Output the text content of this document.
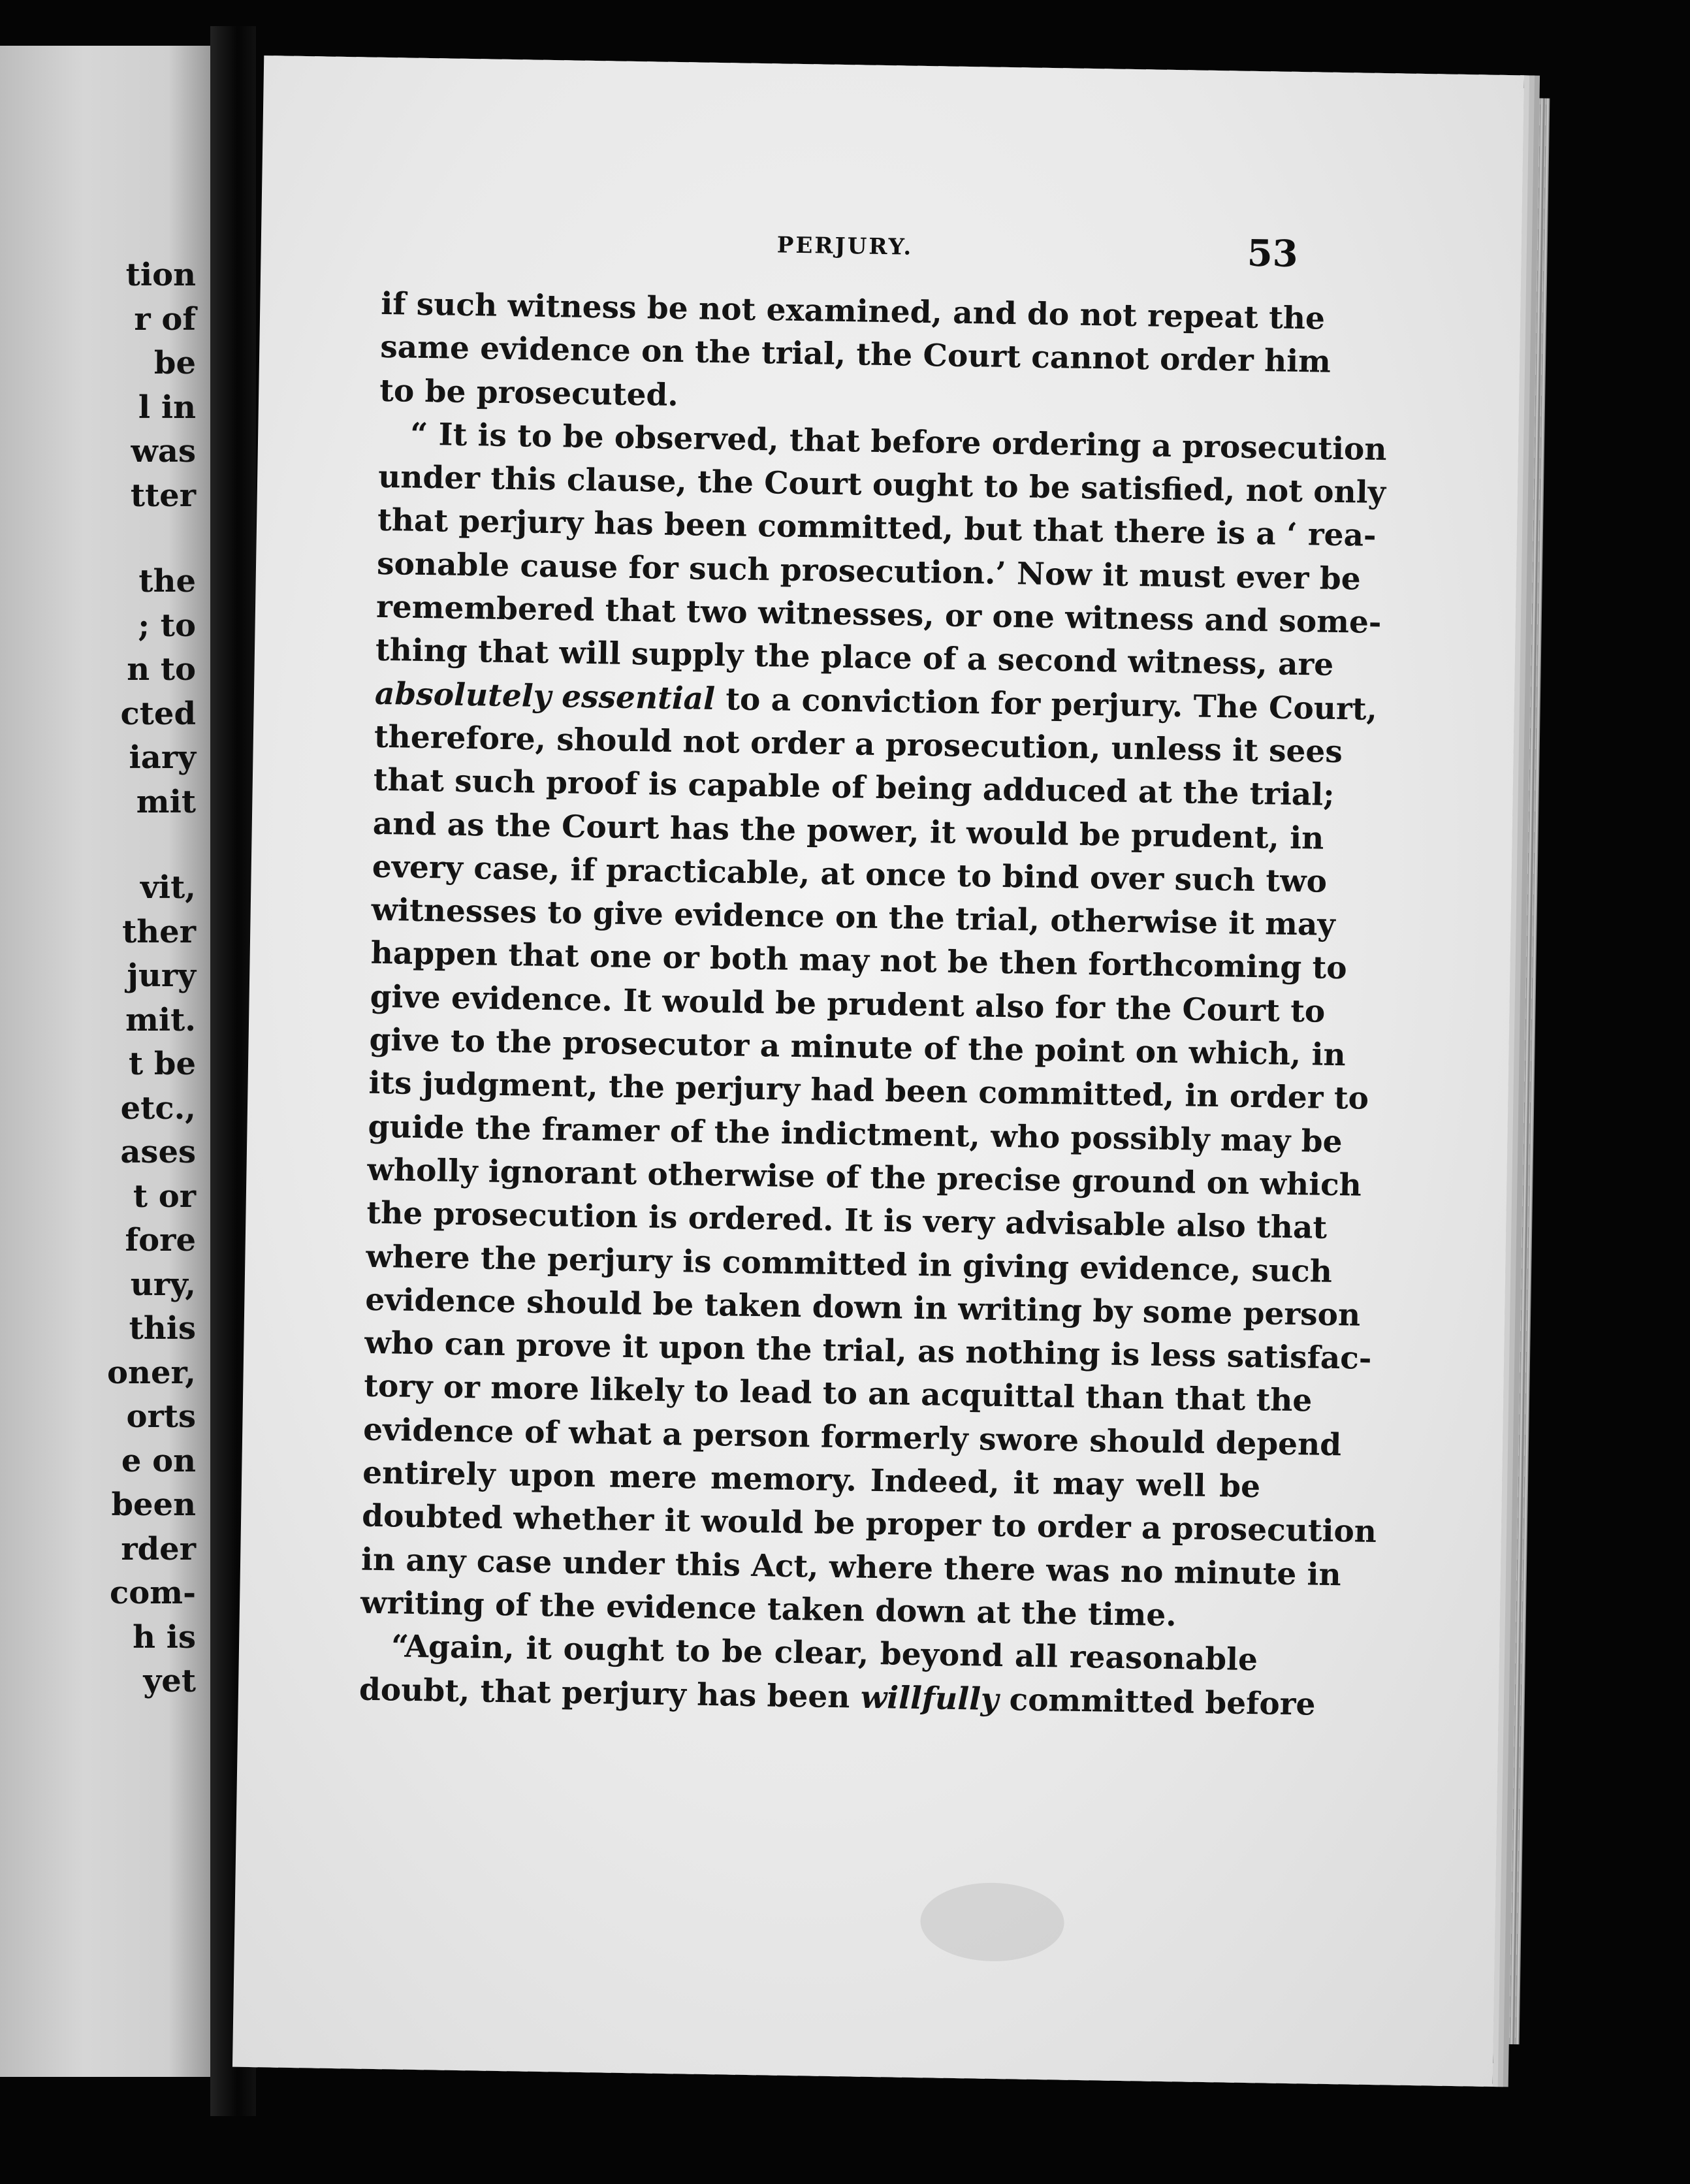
tion
r of
be
l in
was
tter
the
; to
n to
cted
iary
mit
vit,
ther
jury
mit.
t be
etc.,
ases
t or
fore
ury,
this
oner,
orts
e on
been
rder
com-
h is
yet
PERJURY.	53
if such witness be not examined, and do not repeat the
same evidence on the trial, the Court cannot order him
to be prosecuted.
“ It is to be observed, that before ordering a prosecution
under this clause, the Court ought to be satisfied, not only
that perjury has been committed, but that there is a ‘ rea-
sonable cause for such prosecution.’ Now it must ever be
remembered that two witnesses, or one witness and some-
thing that will supply the place of a second witness, are
absolutely essential to a conviction for perjury. The Court,
therefore, should not order a prosecution, unless it sees
that such proof is capable of being adduced at the trial;
and as the Court has the power, it would be prudent, in
every case, if practicable, at once to bind over such two
witnesses to give evidence on the trial, otherwise it may
happen that one or both may not be then forthcoming to
give evidence. It would be prudent also for the Court to
give to the prosecutor a minute of the point on which, in
its judgment, the perjury had been committed, in order to
guide the framer of the indictment, who possibly may be
wholly ignorant otherwise of the precise ground on which
the prosecution is ordered. It is very advisable also that
where the perjury is committed in giving evidence, such
evidence should be taken down in writing by some person
who can prove it upon the trial, as nothing is less satisfac-
tory or more likely to lead to an acquittal than that the
evidence of what a person formerly swore should depend
entirely upon mere memory. Indeed, it may well be
doubted whether it would be proper to order a prosecution
in any case under this Act, where there was no minute in
writing of the evidence taken down at the time.
“Again, it ought to be clear, beyond all reasonable
doubt, that perjury has been willfully committed before
